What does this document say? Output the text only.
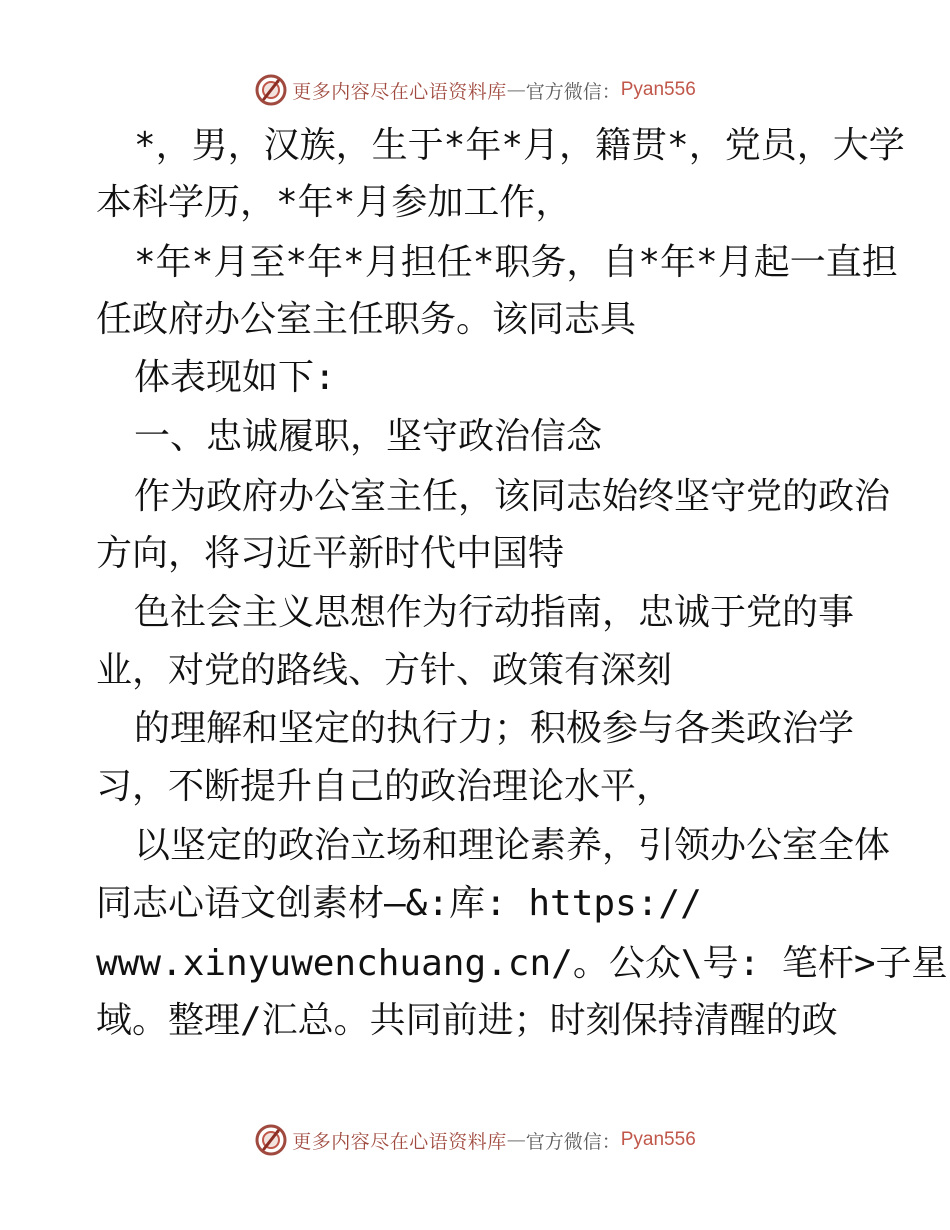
更多内容尽在心语资料库 — 官方微信： Pyan556
*，男，汉族，生于*年*月，籍贯*，党员，大学
本科学历，*年*月参加工作，
*年*月至*年*月担任*职务，自*年*月起一直担
任政府办公室主任职务。该同志具
体表现如下:
一、忠诚履职，坚守政治信念
作为政府办公室主任，该同志始终坚守党的政治
方向，将习近平新时代中国特
色社会主义思想作为行动指南，忠诚于党的事
业，对党的路线、方针、政策有深刻
的理解和坚定的执行力；积极参与各类政治学
习，不断提升自己的政治理论水平，
以坚定的政治立场和理论素养，引领办公室全体
同志心语文创素材—&:库: https://
www.xinyuwenchuang.cn/。公众\号: 笔杆>子星
域。整理/汇总。共同前进；时刻保持清醒的政
更多内容尽在心语资料库 — 官方微信： Pyan556
